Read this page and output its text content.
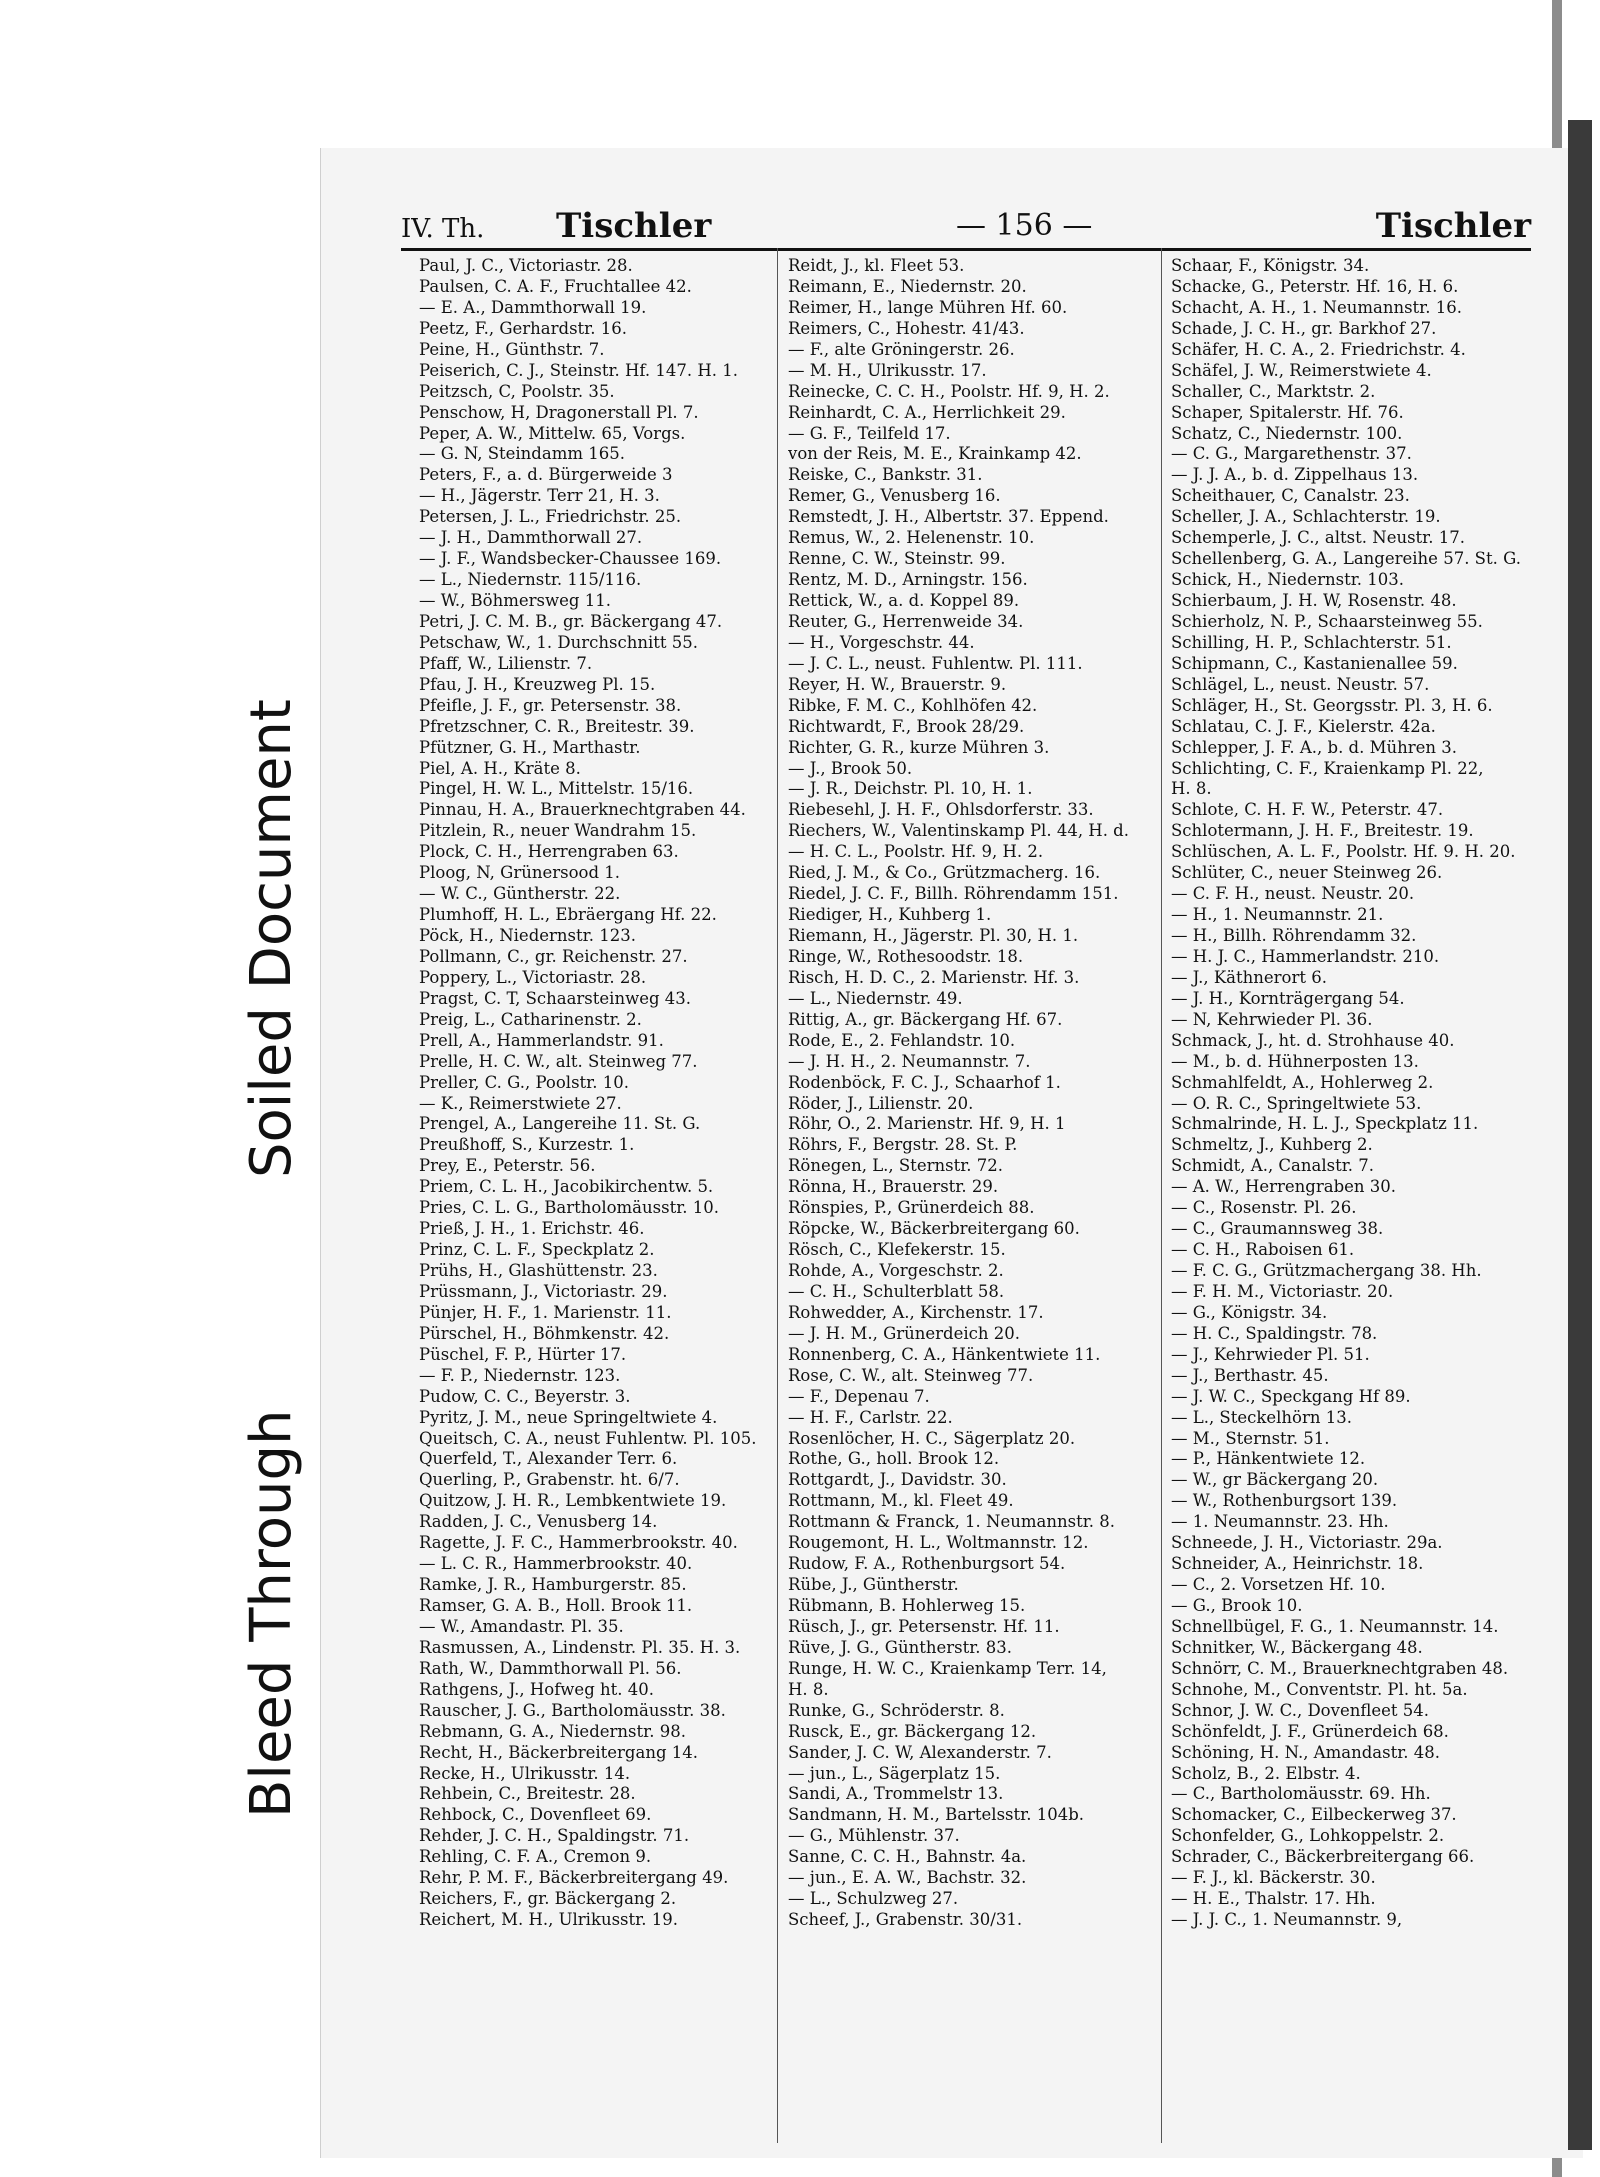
IV. Th. Tischler	— 156 —	Tischler
Paul, J. C., Victoriastr. 28.
Paulsen, C. A. F., Fruchtallee 42.
— E. A., Dammthorwall 19.
Peetz, F., Gerhardstr. 16.
Peine, H., Günthstr. 7.
Peiserich, C. J., Steinstr. Hf. 147. H. 1.
Peitzsch, C, Poolstr. 35.
Penschow, H, Dragonerstall Pl. 7.
Peper, A. W., Mittelw. 65, Vorgs.
— G. N, Steindamm 165.
Peters, F., a. d. Bürgerweide 3
— H., Jägerstr. Terr 21, H. 3.
Petersen, J. L., Friedrichstr. 25.
— J. H., Dammthorwall 27.
— J. F., Wandsbecker-Chaussee 169.
— L., Niedernstr. 115/116.
— W., Böhmersweg 11.
Petri, J. C. M. B., gr. Bäckergang 47.
Petschaw, W., 1. Durchschnitt 55.
Pfaff, W., Lilienstr. 7.
Pfau, J. H., Kreuzweg Pl. 15.
Pfeifle, J. F., gr. Petersenstr. 38.
Pfretzschner, C. R., Breitestr. 39.
Pfützner, G. H., Marthastr.
Piel, A. H., Kräte 8.
Pingel, H. W. L., Mittelstr. 15/16.
Pinnau, H. A., Brauerknechtgraben 44.
Pitzlein, R., neuer Wandrahm 15.
Plock, C. H., Herrengraben 63.
Ploog, N, Grünersood 1.
— W. C., Güntherstr. 22.
Plumhoff, H. L., Ebräergang Hf. 22.
Pöck, H., Niedernstr. 123.
Pollmann, C., gr. Reichenstr. 27.
Poppery, L., Victoriastr. 28.
Pragst, C. T, Schaarsteinweg 43.
Preig, L., Catharinenstr. 2.
Prell, A., Hammerlandstr. 91.
Prelle, H. C. W., alt. Steinweg 77.
Preller, C. G., Poolstr. 10.
— K., Reimerstwiete 27.
Prengel, A., Langereihe 11. St. G.
Preußhoff, S., Kurzestr. 1.
Prey, E., Peterstr. 56.
Priem, C. L. H., Jacobikirchentw. 5.
Pries, C. L. G., Bartholomäusstr. 10.
Prieß, J. H., 1. Erichstr. 46.
Prinz, C. L. F., Speckplatz 2.
Prühs, H., Glashüttenstr. 23.
Prüssmann, J., Victoriastr. 29.
Pünjer, H. F., 1. Marienstr. 11.
Pürschel, H., Böhmkenstr. 42.
Püschel, F. P., Hürter 17.
— F. P., Niedernstr. 123.
Pudow, C. C., Beyerstr. 3.
Pyritz, J. M., neue Springeltwiete 4.
Queitsch, C. A., neust Fuhlentw. Pl. 105.
Querfeld, T., Alexander Terr. 6.
Querling, P., Grabenstr. ht. 6/7.
Quitzow, J. H. R., Lembkentwiete 19.
Radden, J. C., Venusberg 14.
Ragette, J. F. C., Hammerbrookstr. 40.
— L. C. R., Hammerbrookstr. 40.
Ramke, J. R., Hamburgerstr. 85.
Ramser, G. A. B., Holl. Brook 11.
— W., Amandastr. Pl. 35.
Rasmussen, A., Lindenstr. Pl. 35. H. 3.
Rath, W., Dammthorwall Pl. 56.
Rathgens, J., Hofweg ht. 40.
Rauscher, J. G., Bartholomäusstr. 38.
Rebmann, G. A., Niedernstr. 98.
Recht, H., Bäckerbreitergang 14.
Recke, H., Ulrikusstr. 14.
Rehbein, C., Breitestr. 28.
Rehbock, C., Dovenfleet 69.
Rehder, J. C. H., Spaldingstr. 71.
Rehling, C. F. A., Cremon 9.
Rehr, P. M. F., Bäckerbreitergang 49.
Reichers, F., gr. Bäckergang 2.
Reichert, M. H., Ulrikusstr. 19.
Reidt, J., kl. Fleet 53.
Reimann, E., Niedernstr. 20.
Reimer, H., lange Mühren Hf. 60.
Reimers, C., Hohestr. 41/43.
— F., alte Gröningerstr. 26.
— M. H., Ulrikusstr. 17.
Reinecke, C. C. H., Poolstr. Hf. 9, H. 2.
Reinhardt, C. A., Herrlichkeit 29.
— G. F., Teilfeld 17.
von der Reis, M. E., Krainkamp 42.
Reiske, C., Bankstr. 31.
Remer, G., Venusberg 16.
Remstedt, J. H., Albertstr. 37. Eppend.
Remus, W., 2. Helenenstr. 10.
Renne, C. W., Steinstr. 99.
Rentz, M. D., Arningstr. 156.
Rettick, W., a. d. Koppel 89.
Reuter, G., Herrenweide 34.
— H., Vorgeschstr. 44.
— J. C. L., neust. Fuhlentw. Pl. 111.
Reyer, H. W., Brauerstr. 9.
Ribke, F. M. C., Kohlhöfen 42.
Richtwardt, F., Brook 28/29.
Richter, G. R., kurze Mühren 3.
— J., Brook 50.
— J. R., Deichstr. Pl. 10, H. 1.
Riebesehl, J. H. F., Ohlsdorferstr. 33.
Riechers, W., Valentinskamp Pl. 44, H. d.
— H. C. L., Poolstr. Hf. 9, H. 2.
Ried, J. M., & Co., Grützmacherg. 16.
Riedel, J. C. F., Billh. Röhrendamm 151.
Riediger, H., Kuhberg 1.
Riemann, H., Jägerstr. Pl. 30, H. 1.
Ringe, W., Rothesoodstr. 18.
Risch, H. D. C., 2. Marienstr. Hf. 3.
— L., Niedernstr. 49.
Rittig, A., gr. Bäckergang Hf. 67.
Rode, E., 2. Fehlandstr. 10.
— J. H. H., 2. Neumannstr. 7.
Rodenböck, F. C. J., Schaarhof 1.
Röder, J., Lilienstr. 20.
Röhr, O., 2. Marienstr. Hf. 9, H. 1
Röhrs, F., Bergstr. 28. St. P.
Rönegen, L., Sternstr. 72.
Rönna, H., Brauerstr. 29.
Rönspies, P., Grünerdeich 88.
Röpcke, W., Bäckerbreitergang 60.
Rösch, C., Klefekerstr. 15.
Rohde, A., Vorgeschstr. 2.
— C. H., Schulterblatt 58.
Rohwedder, A., Kirchenstr. 17.
— J. H. M., Grünerdeich 20.
Ronnenberg, C. A., Hänkentwiete 11.
Rose, C. W., alt. Steinweg 77.
— F., Depenau 7.
— H. F., Carlstr. 22.
Rosenlöcher, H. C., Sägerplatz 20.
Rothe, G., holl. Brook 12.
Rottgardt, J., Davidstr. 30.
Rottmann, M., kl. Fleet 49.
Rottmann & Franck, 1. Neumannstr. 8.
Rougemont, H. L., Woltmannstr. 12.
Rudow, F. A., Rothenburgsort 54.
Rübe, J., Güntherstr.
Rübmann, B. Hohlerweg 15.
Rüsch, J., gr. Petersenstr. Hf. 11.
Rüve, J. G., Güntherstr. 83.
Runge, H. W. C., Kraienkamp Terr. 14,
H. 8.
Runke, G., Schröderstr. 8.
Rusck, E., gr. Bäckergang 12.
Sander, J. C. W, Alexanderstr. 7.
— jun., L., Sägerplatz 15.
Sandi, A., Trommelstr 13.
Sandmann, H. M., Bartelsstr. 104b.
— G., Mühlenstr. 37.
Sanne, C. C. H., Bahnstr. 4a.
— jun., E. A. W., Bachstr. 32.
— L., Schulzweg 27.
Scheef, J., Grabenstr. 30/31.
Schaar, F., Königstr. 34.
Schacke, G., Peterstr. Hf. 16, H. 6.
Schacht, A. H., 1. Neumannstr. 16.
Schade, J. C. H., gr. Barkhof 27.
Schäfer, H. C. A., 2. Friedrichstr. 4.
Schäfel, J. W., Reimerstwiete 4.
Schaller, C., Marktstr. 2.
Schaper, Spitalerstr. Hf. 76.
Schatz, C., Niedernstr. 100.
— C. G., Margarethenstr. 37.
— J. J. A., b. d. Zippelhaus 13.
Scheithauer, C, Canalstr. 23.
Scheller, J. A., Schlachterstr. 19.
Schemperle, J. C., altst. Neustr. 17.
Schellenberg, G. A., Langereihe 57. St. G.
Schick, H., Niedernstr. 103.
Schierbaum, J. H. W, Rosenstr. 48.
Schierholz, N. P., Schaarsteinweg 55.
Schilling, H. P., Schlachterstr. 51.
Schipmann, C., Kastanienallee 59.
Schlägel, L., neust. Neustr. 57.
Schläger, H., St. Georgsstr. Pl. 3, H. 6.
Schlatau, C. J. F., Kielerstr. 42a.
Schlepper, J. F. A., b. d. Mühren 3.
Schlichting, C. F., Kraienkamp Pl. 22,
H. 8.
Schlote, C. H. F. W., Peterstr. 47.
Schlotermann, J. H. F., Breitestr. 19.
Schlüschen, A. L. F., Poolstr. Hf. 9. H. 20.
Schlüter, C., neuer Steinweg 26.
— C. F. H., neust. Neustr. 20.
— H., 1. Neumannstr. 21.
— H., Billh. Röhrendamm 32.
— H. J. C., Hammerlandstr. 210.
— J., Käthnerort 6.
— J. H., Kornträgergang 54.
— N, Kehrwieder Pl. 36.
Schmack, J., ht. d. Strohhause 40.
— M., b. d. Hühnerposten 13.
Schmahlfeldt, A., Hohlerweg 2.
— O. R. C., Springeltwiete 53.
Schmalrinde, H. L. J., Speckplatz 11.
Schmeltz, J., Kuhberg 2.
Schmidt, A., Canalstr. 7.
— A. W., Herrengraben 30.
— C., Rosenstr. Pl. 26.
— C., Graumannsweg 38.
— C. H., Raboisen 61.
— F. C. G., Grützmachergang 38. Hh.
— F. H. M., Victoriastr. 20.
— G., Königstr. 34.
— H. C., Spaldingstr. 78.
— J., Kehrwieder Pl. 51.
— J., Berthastr. 45.
— J. W. C., Speckgang Hf 89.
— L., Steckelhörn 13.
— M., Sternstr. 51.
— P., Hänkentwiete 12.
— W., gr Bäckergang 20.
— W., Rothenburgsort 139.
— 1. Neumannstr. 23. Hh.
Schneede, J. H., Victoriastr. 29a.
Schneider, A., Heinrichstr. 18.
— C., 2. Vorsetzen Hf. 10.
— G., Brook 10.
Schnellbügel, F. G., 1. Neumannstr. 14.
Schnitker, W., Bäckergang 48.
Schnörr, C. M., Brauerknechtgraben 48.
Schnohe, M., Conventstr. Pl. ht. 5a.
Schnor, J. W. C., Dovenfleet 54.
Schönfeldt, J. F., Grünerdeich 68.
Schöning, H. N., Amandastr. 48.
Scholz, B., 2. Elbstr. 4.
— C., Bartholomäusstr. 69. Hh.
Schomacker, C., Eilbeckerweg 37.
Schonfelder, G., Lohkoppelstr. 2.
Schrader, C., Bäckerbreitergang 66.
— F. J., kl. Bäckerstr. 30.
— H. E., Thalstr. 17. Hh.
— J. J. C., 1. Neumannstr. 9,
Soiled Document
Bleed Through
